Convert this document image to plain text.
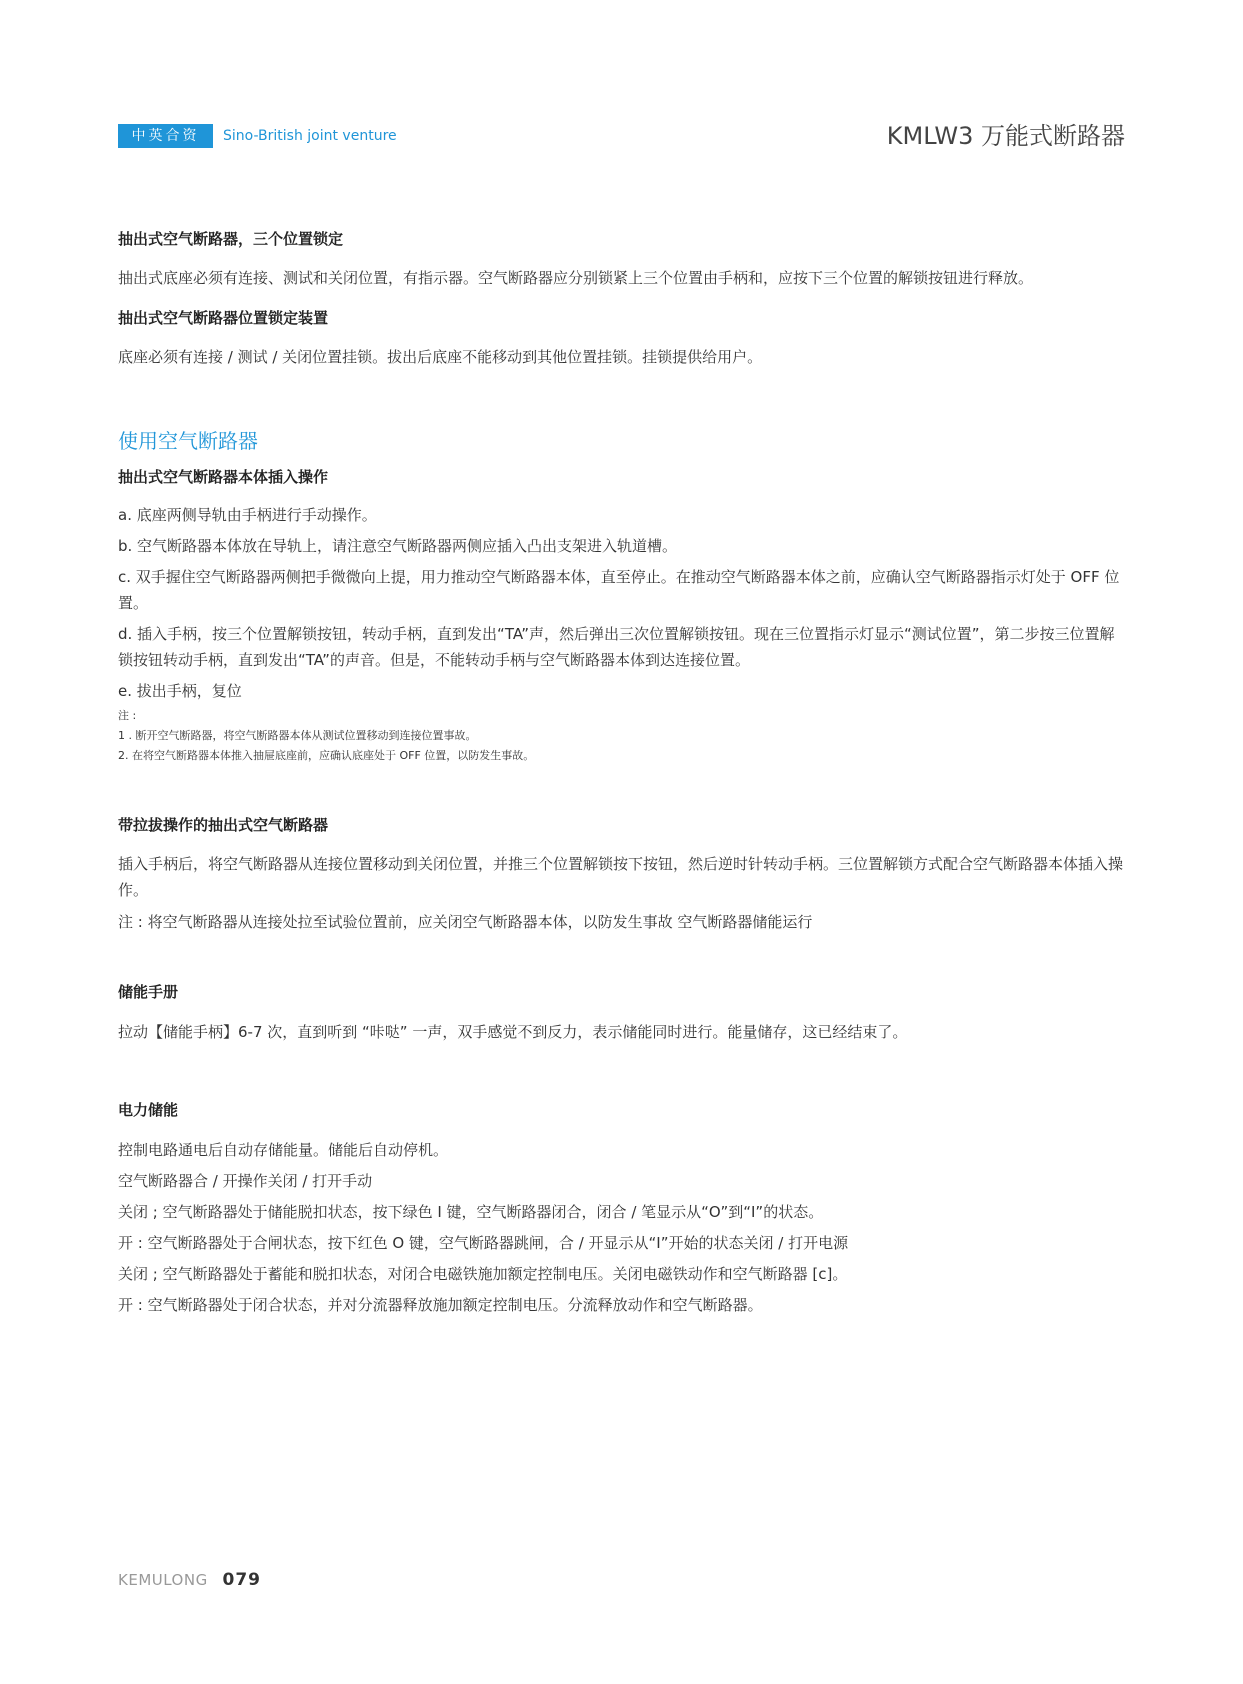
中英合资	Sino-British joint venture	KMLW3 万能式断路器
抽出式空气断路器，三个位置锁定
抽出式底座必须有连接、测试和关闭位置，有指示器。空气断路器应分别锁紧上三个位置由手柄和，应按下三个位置的解锁按钮进行释放。
抽出式空气断路器位置锁定装置
底座必须有连接 / 测试 / 关闭位置挂锁。拔出后底座不能移动到其他位置挂锁。挂锁提供给用户。
使用空气断路器
抽出式空气断路器本体插入操作
a. 底座两侧导轨由手柄进行手动操作。
b. 空气断路器本体放在导轨上，请注意空气断路器两侧应插入凸出支架进入轨道槽。
c. 双手握住空气断路器两侧把手微微向上提，用力推动空气断路器本体，直至停止。在推动空气断路器本体之前，应确认空气断路器指示灯处于 OFF 位置。
d. 插入手柄，按三个位置解锁按钮，转动手柄，直到发出“TA”声，然后弹出三次位置解锁按钮。现在三位置指示灯显示“测试位置”，第二步按三位置解锁按钮转动手柄，直到发出“TA”的声音。但是，不能转动手柄与空气断路器本体到达连接位置。
e. 拔出手柄，复位
注 :
1 . 断开空气断路器，将空气断路器本体从测试位置移动到连接位置事故。
2. 在将空气断路器本体推入抽屉底座前，应确认底座处于 OFF 位置，以防发生事故。
带拉拔操作的抽出式空气断路器
插入手柄后，将空气断路器从连接位置移动到关闭位置，并推三个位置解锁按下按钮，然后逆时针转动手柄。三位置解锁方式配合空气断路器本体插入操作。
注 : 将空气断路器从连接处拉至试验位置前，应关闭空气断路器本体，以防发生事故 空气断路器储能运行
储能手册
拉动【储能手柄】6-7 次，直到听到 “咔哒” 一声，双手感觉不到反力，表示储能同时进行。能量储存，这已经结束了。
电力储能
控制电路通电后自动存储能量。储能后自动停机。
空气断路器合 / 开操作关闭 / 打开手动
关闭 ; 空气断路器处于储能脱扣状态，按下绿色 I 键，空气断路器闭合，闭合 / 笔显示从“O”到“I”的状态。
开 : 空气断路器处于合闸状态，按下红色 O 键，空气断路器跳闸，合 / 开显示从“I”开始的状态关闭 / 打开电源
关闭 ; 空气断路器处于蓄能和脱扣状态，对闭合电磁铁施加额定控制电压。关闭电磁铁动作和空气断路器 [c]。
开 : 空气断路器处于闭合状态，并对分流器释放施加额定控制电压。分流释放动作和空气断路器。
KEMULONG 079
